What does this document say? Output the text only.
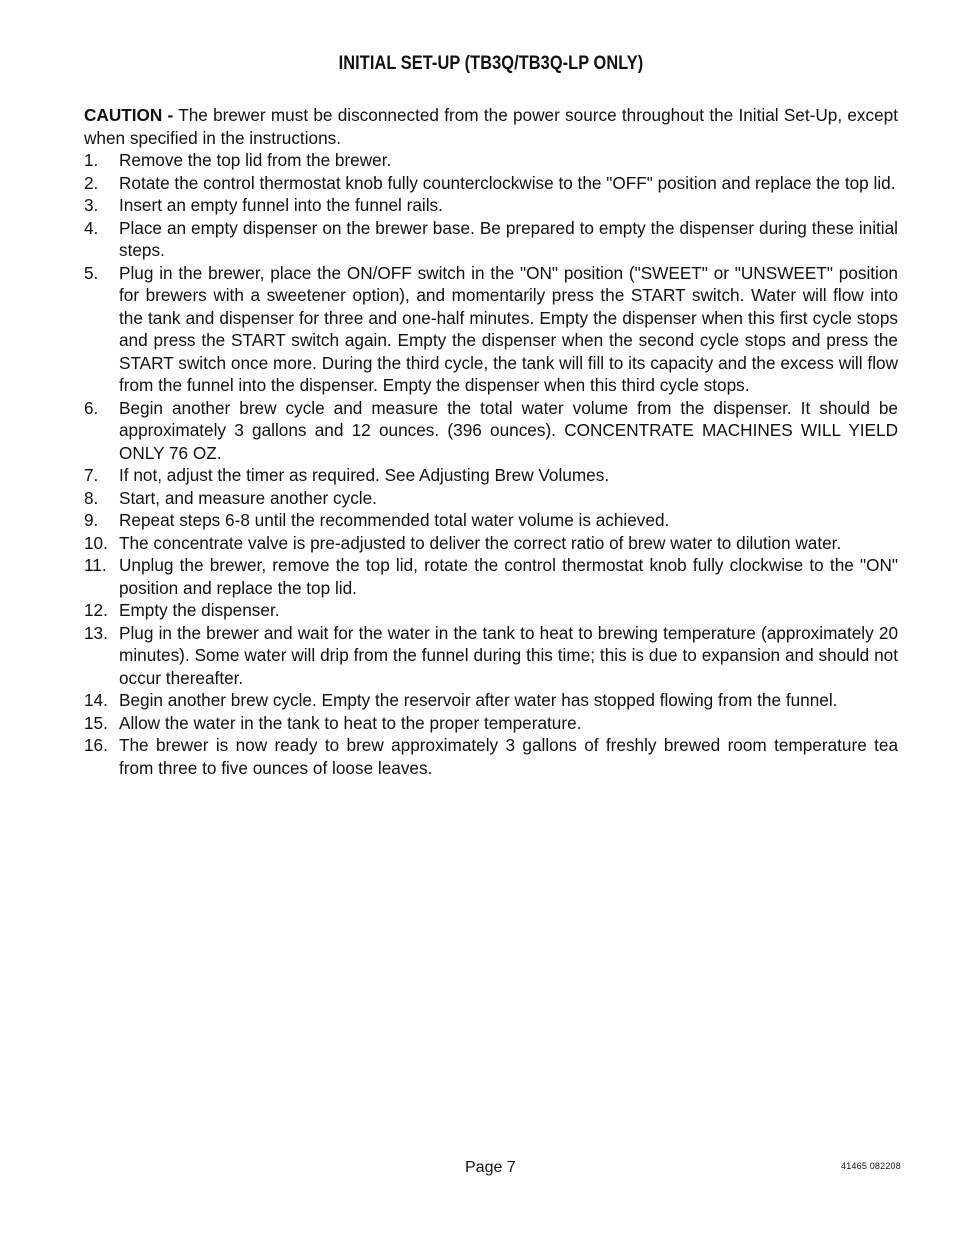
INITIAL SET-UP (TB3Q/TB3Q-LP ONLY)

CAUTION - The brewer must be disconnected from the power source throughout the Initial Set-Up, except when specified in the instructions.

1. Remove the top lid from the brewer.
2. Rotate the control thermostat knob fully counterclockwise to the "OFF" position and replace the top lid.
3. Insert an empty funnel into the funnel rails.
4. Place an empty dispenser on the brewer base. Be prepared to empty the dispenser during these initial steps.
5. Plug in the brewer, place the ON/OFF switch in the "ON" position ("SWEET" or "UNSWEET" position for brewers with a sweetener option), and momentarily press the START switch. Water will flow into the tank and dispenser for three and one-half minutes. Empty the dispenser when this first cycle stops and press the START switch again. Empty the dispenser when the second cycle stops and press the START switch once more. During the third cycle, the tank will fill to its capacity and the excess will flow from the funnel into the dispenser. Empty the dispenser when this third cycle stops.
6. Begin another brew cycle and measure the total water volume from the dispenser. It should be approximately 3 gallons and 12 ounces. (396 ounces). CONCENTRATE MACHINES WILL YIELD ONLY 76 OZ.
7. If not, adjust the timer as required. See Adjusting Brew Volumes.
8. Start, and measure another cycle.
9. Repeat steps 6-8 until the recommended total water volume is achieved.
10. The concentrate valve is pre-adjusted to deliver the correct ratio of brew water to dilution water.
11. Unplug the brewer, remove the top lid, rotate the control thermostat knob fully clockwise to the "ON" position and replace the top lid.
12. Empty the dispenser.
13. Plug in the brewer and wait for the water in the tank to heat to brewing temperature (approximately 20 minutes). Some water will drip from the funnel during this time; this is due to expansion and should not occur thereafter.
14. Begin another brew cycle. Empty the reservoir after water has stopped flowing from the funnel.
15. Allow the water in the tank to heat to the proper temperature.
16. The brewer is now ready to brew approximately 3 gallons of freshly brewed room temperature tea from three to five ounces of loose leaves.
Page 7	41465 082208
